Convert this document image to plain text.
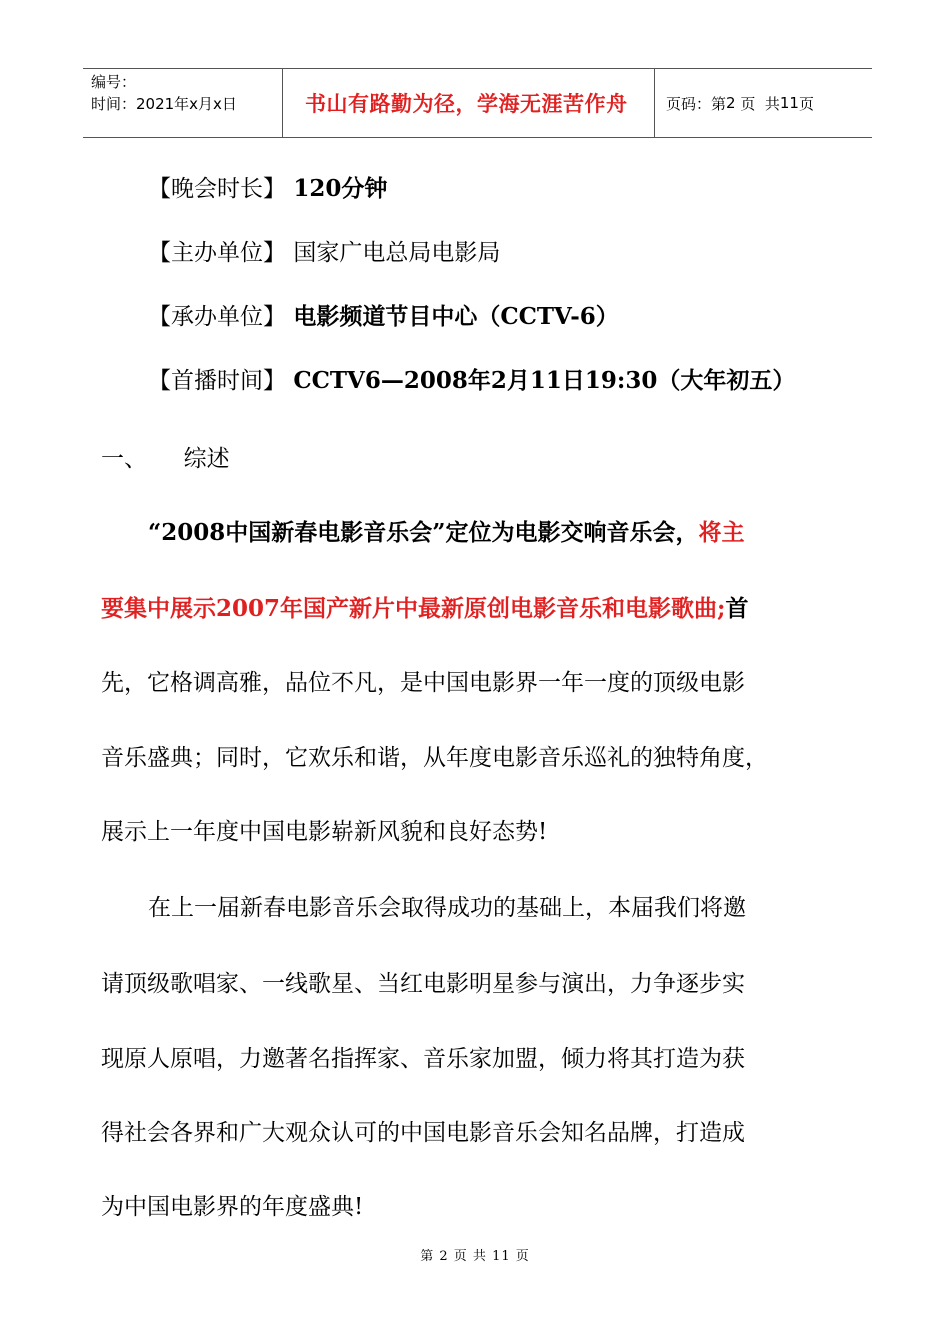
编号：
时间：2021年x月x日	书山有路勤为径，学海无涯苦作舟	页码：第 2
页  共 11 页
【晚会时长】 120分钟
【主办单位】 国家广电总局电影局
【承办单位】 电影频道节目中心（CCTV-6）
【首播时间】 CCTV6—2008年2月11日19:30（大年初五）
一、 综述
“2008中国新春电影音乐会”定位为电影交响音乐会，将主
要集中展示2007年国产新片中最新原创电影音乐和电影歌曲;首
先，它格调高雅，品位不凡，是中国电影界一年一度的顶级电影
音乐盛典；同时，它欢乐和谐，从年度电影音乐巡礼的独特角度，
展示上一年度中国电影崭新风貌和良好态势!
在上一届新春电影音乐会取得成功的基础上，本届我们将邀
请顶级歌唱家、一线歌星、当红电影明星参与演出，力争逐步实
现原人原唱，力邀著名指挥家、音乐家加盟，倾力将其打造为获
得社会各界和广大观众认可的中国电影音乐会知名品牌，打造成
为中国电影界的年度盛典!
第 2 页 共 11 页
